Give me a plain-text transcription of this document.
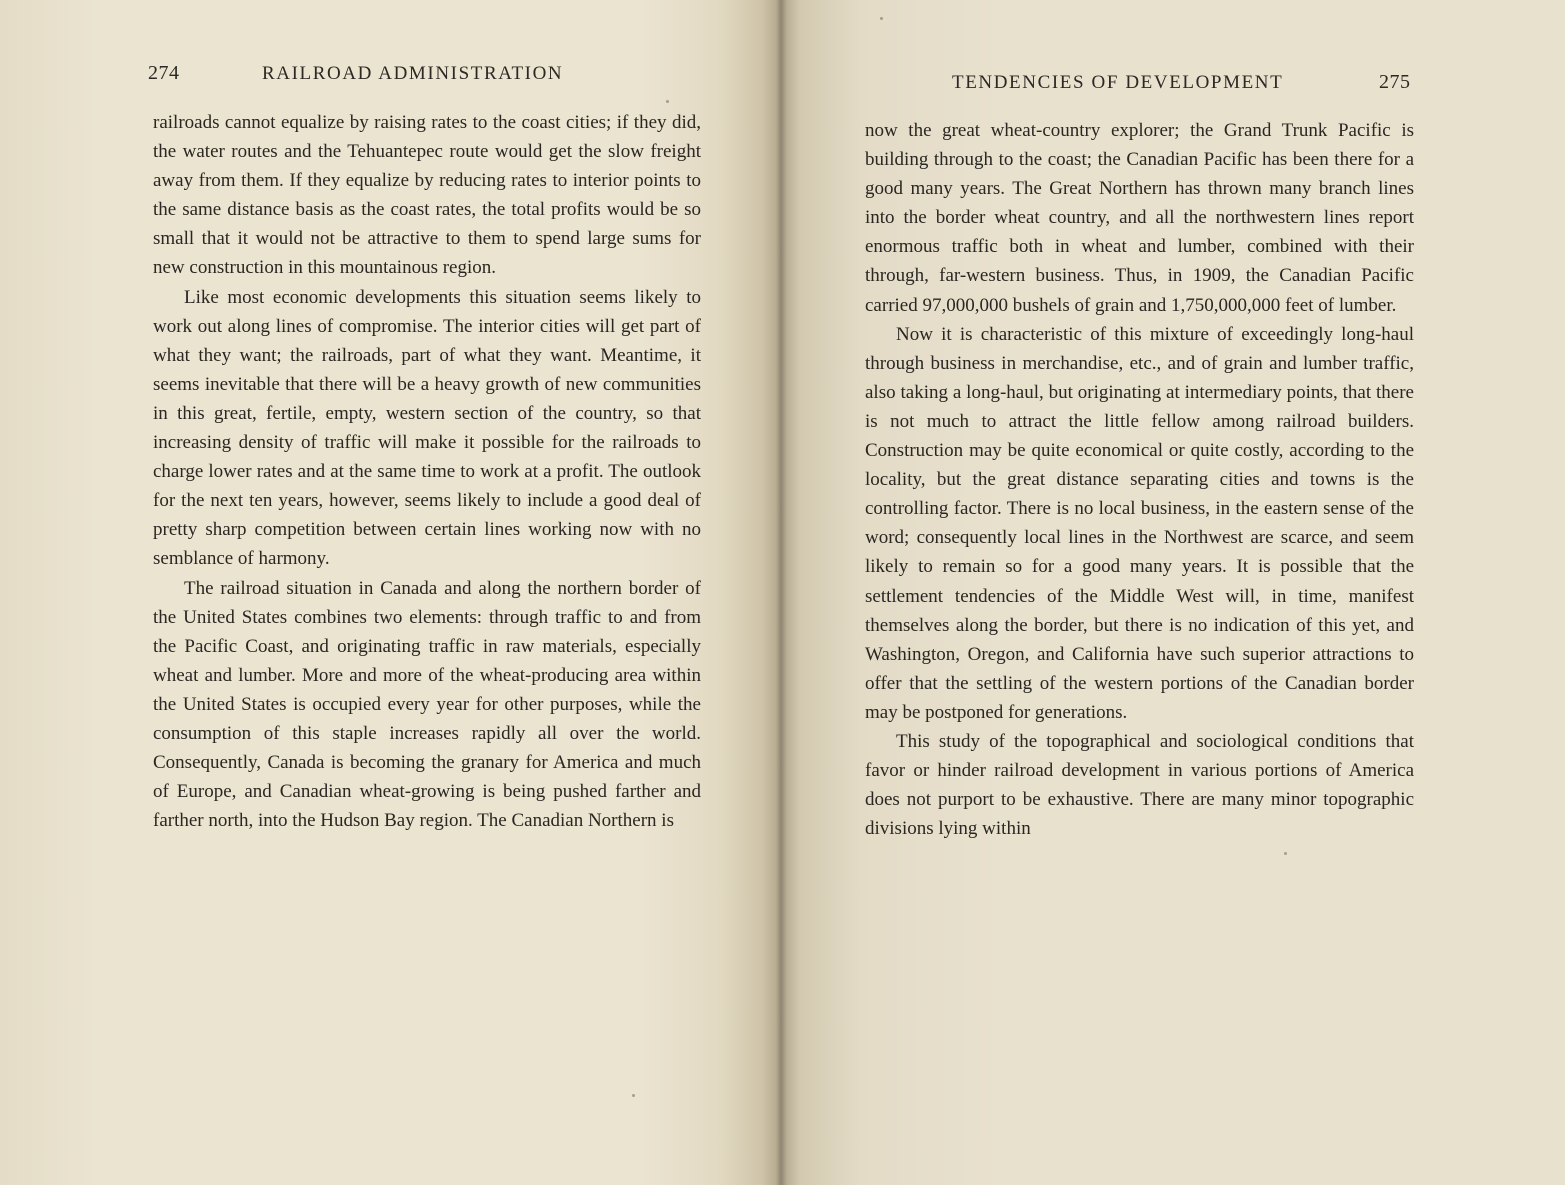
274	RAILROAD ADMINISTRATION

railroads cannot equalize by raising rates to the coast cities; if they did, the water routes and the Tehuantepec route would get the slow freight away from them. If they equalize by reducing rates to interior points to the same distance basis as the coast rates, the total profits would be so small that it would not be attractive to them to spend large sums for new construction in this mountainous region.

Like most economic developments this situation seems likely to work out along lines of compromise. The interior cities will get part of what they want; the railroads, part of what they want. Meantime, it seems inevitable that there will be a heavy growth of new communities in this great, fertile, empty, western section of the country, so that increasing density of traffic will make it possible for the railroads to charge lower rates and at the same time to work at a profit. The outlook for the next ten years, however, seems likely to include a good deal of pretty sharp competition between certain lines working now with no semblance of harmony.

The railroad situation in Canada and along the northern border of the United States combines two elements: through traffic to and from the Pacific Coast, and originating traffic in raw materials, especially wheat and lumber. More and more of the wheat-producing area within the United States is occupied every year for other purposes, while the consumption of this staple increases rapidly all over the world. Consequently, Canada is becoming the granary for America and much of Europe, and Canadian wheat-growing is being pushed farther and farther north, into the Hudson Bay region. The Canadian Northern is

TENDENCIES OF DEVELOPMENT	275

now the great wheat-country explorer; the Grand Trunk Pacific is building through to the coast; the Canadian Pacific has been there for a good many years. The Great Northern has thrown many branch lines into the border wheat country, and all the northwestern lines report enormous traffic both in wheat and lumber, combined with their through, far-western business. Thus, in 1909, the Canadian Pacific carried 97,000,000 bushels of grain and 1,750,000,000 feet of lumber.

Now it is characteristic of this mixture of exceedingly long-haul through business in merchandise, etc., and of grain and lumber traffic, also taking a long-haul, but originating at intermediary points, that there is not much to attract the little fellow among railroad builders. Construction may be quite economical or quite costly, according to the locality, but the great distance separating cities and towns is the controlling factor. There is no local business, in the eastern sense of the word; consequently local lines in the Northwest are scarce, and seem likely to remain so for a good many years. It is possible that the settlement tendencies of the Middle West will, in time, manifest themselves along the border, but there is no indication of this yet, and Washington, Oregon, and California have such superior attractions to offer that the settling of the western portions of the Canadian border may be postponed for generations.

This study of the topographical and sociological conditions that favor or hinder railroad development in various portions of America does not purport to be exhaustive. There are many minor topographic divisions lying within
